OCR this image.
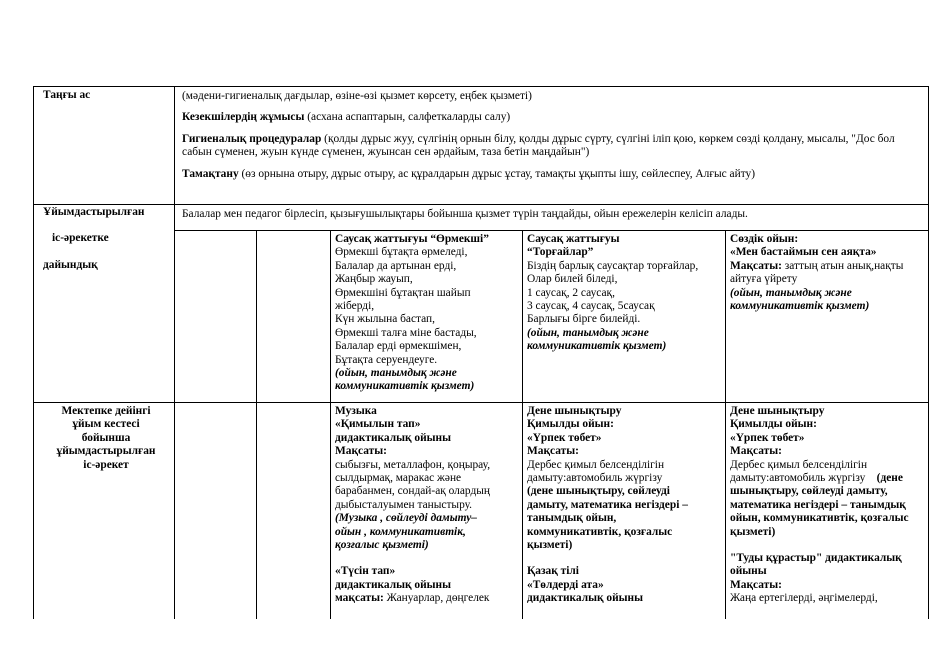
Таңғы ас	(мәдени-гигиеналық дағдылар, өзіне-өзі қызмет көрсету, еңбек қызметі)

Кезекшілердің жұмысы (асхана аспаптарын, салфеткаларды салу)

Гигиеналық процедуралар (қолды дұрыс жуу, сүлгінің орнын білу, қолды дұрыс сүрту, сүлгіні іліп қою, көркем сөзді қолдану, мысалы, "Дос бол сабын сүменен, жуын күнде сүменен, жуынсан сен әрдайым, таза бетін маңдайын")

Тамақтану (өз орнына отыру, дұрыс отыру, ас құралдарын дұрыс ұстау, тамақты ұқыпты ішу, сөйлеспеу, Алғыс айту)

Ұйымдастырылған
іс-әрекетке
дайындық
Балалар мен педагог бірлесіп, қызығушылықтары бойынша қызмет түрін таңдайды, ойын ережелерін келісіп алады.
Саусақ жаттығуы “Өрмекші”
Өрмекші бұтақта өрмеледі,
Балалар да артынан ерді,
Жаңбыр жауып,
Өрмекшіні бұтақтан шайып
жіберді,
Күн жылына бастап,
Өрмекші талға міне бастады,
Балалар ерді өрмекшімен,
Бұтақта серуендеуге.
(ойын, танымдық және
коммуникативтік қызмет)
Саусақ жаттығуы
“Торғайлар”
Біздің барлық саусақтар торғайлар,
Олар билей біледі,
1 саусақ, 2 саусақ,
3 саусақ, 4 саусақ, 5саусақ
Барлығы бірге билейді.
(ойын, танымдық және
коммуникативтік қызмет)
Сөздік ойын:
«Мен бастаймын сен аяқта»
Мақсаты: заттың атын анық,нақты
айтуға үйрету
(ойын, танымдық және
коммуникативтік қызмет)
Мектепке дейінгі
ұйым кестесі бойынша
ұйымдастырылған
іс-әрекет
Музыка
«Қимылын тап»
дидактикалық ойыны
Мақсаты:
сыбызғы, металлафон, қоңырау,
сылдырмақ, маракас және
барабанмен, сондай-ақ олардың
дыбысталуымен таныстыру.
(Музыка , сөйлеуді дамыту–
ойын , коммуникативтік,
қозғалыс қызметі)
«Түсін тап»
дидактикалық ойыны
мақсаты: Жануарлар, дөңгелек
Дене шынықтыру
Қимылды ойын:
«Үрпек төбет»
Мақсаты:
Дербес қимыл белсенділігін
дамыту:автомобиль жүргізу
(дене шынықтыру, сөйлеуді
дамыту, математика негіздері –
танымдық ойын,
коммуникативтік, қозғалыс
қызметі)
Қазақ тілі
«Төлдерді ата»
дидактикалық ойыны
Дене шынықтыру
Қимылды ойын:
«Үрпек төбет»
Мақсаты:
Дербес қимыл белсенділігін
дамыту:автомобиль жүргізу    (дене
шынықтыру, сөйлеуді дамыту,
математика негіздері – танымдық
ойын, коммуникативтік, қозғалыс
қызметі)
"Туды құрастыр" дидактикалық
ойыны
Мақсаты:
Жаңа ертегілерді, әңгімелерді,
